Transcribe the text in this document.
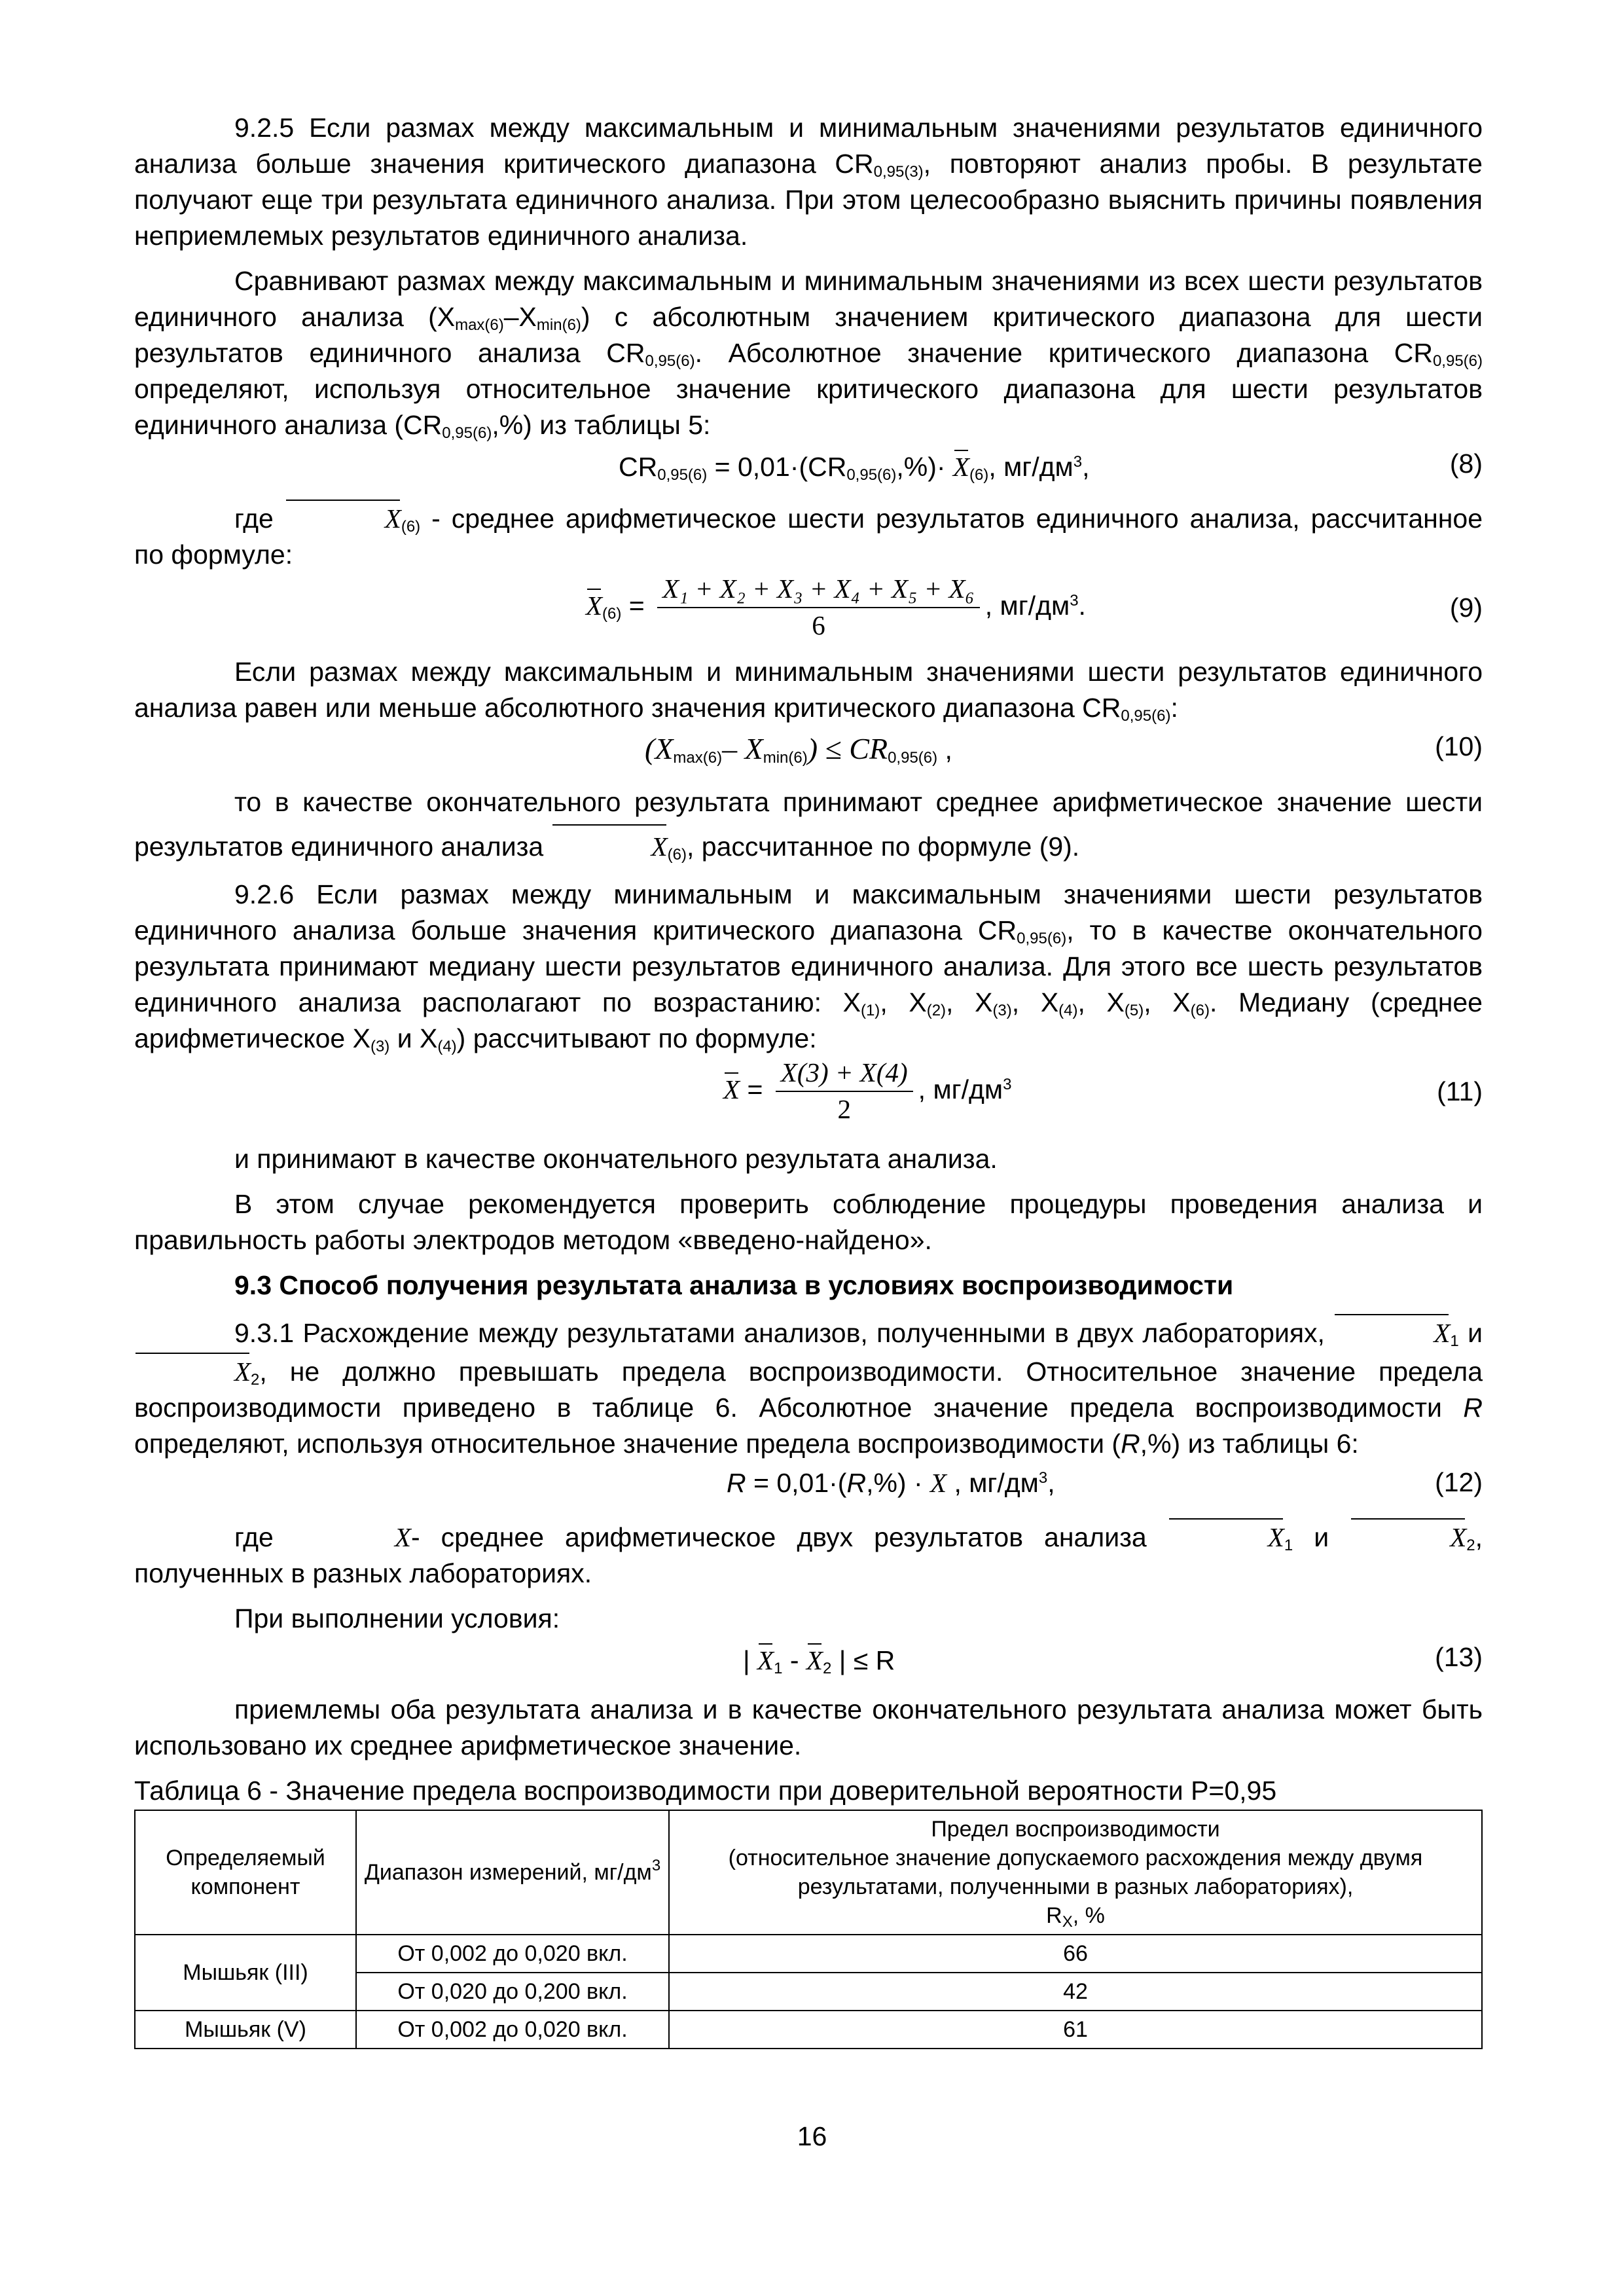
9.2.5 Если размах между максимальным и минимальным значениями результатов единичного анализа больше значения критического диапазона $CR_{0,95(3)}$, повторяют анализ пробы. В результате получают еще три результата единичного анализа. При этом целесообразно выяснить причины появления неприемлемых результатов единичного анализа.

Сравнивают размах между максимальным и минимальным значениями из всех шести результатов единичного анализа $(X_{max(6)}-X_{min(6)})$ с абсолютным значением критического диапазона для шести результатов единичного анализа $CR_{0,95(6)}$. Абсолютное значение критического диапазона $CR_{0,95(6)}$ определяют, используя относительное значение критического диапазона для шести результатов единичного анализа $(CR_{0,95(6)},\%)$ из таблицы 5:

$CR_{0,95(6)} = 0,01\cdot(CR_{0,95(6)},\%)\cdot X_{(6)}$, $мг/дм^3$,	(8)

где	$X_{(6)}$ - среднее арифметическое шести результатов единичного анализа, рассчитанное по формуле:

$X_{(6)} = \frac{\text{X₁ + X₂ + X₃ + X₄ + X₅ + X₆}}{6}$ , $мг/дм^3$.	(9)

Если размах между максимальным и минимальным значениями шести результатов единичного анализа равен или меньше абсолютного значения критического диапазона $CR_{0,95(6)}$:

($X_{max(6)}-$ $X_{min(6)}) \le CR_{0,95(6)}$ ,	(10)

то в качестве окончательного результата принимают среднее арифметическое значение шести результатов единичного анализа	$X_{(6)}$, рассчитанное по формуле (9).

9.2.6 Если размах между минимальным и максимальным значениями шести результатов единичного анализа больше значения критического диапазона $CR_{0,95(6)}$, то в качестве окончательного результата принимают медиану шести результатов единичного анализа. Для этого все шесть результатов единичного анализа располагают по возрастанию: $X_{(1)}$, $X_{(2)}$, $X_{(3)}$, $X_{(4)}$, $X_{(5)}$, $X_{(6)}$. Медиану (среднее арифметическое $X_{(3)}$ и $X_{(4)}$) рассчитывают по формуле:

$X = \frac{X(3) + X(4)}{2}$ , $мг/дм^3$	(11)

и принимают в качестве окончательного результата анализа.

В этом случае рекомендуется проверить соблюдение процедуры проведения анализа и правильность работы электродов методом «введено-найдено».

9.3 Способ получения результата анализа в условиях воспроизводимости

9.3.1 Расхождение между результатами анализов, полученными в двух лабораториях,	$X_1$ и $X_2$, не должно превышать предела воспроизводимости. Относительное значение предела воспроизводимости приведено в таблице 6. Абсолютное значение предела воспроизводимости R определяют, используя относительное значение предела воспроизводимости (R,%) из таблицы 6:

R = 0,01·(R,%) · X , $мг/дм^3$,	(12)

где	X- среднее арифметическое двух результатов анализа	$X_1$ и	$X_2$, полученных в разных лабораториях.

При выполнении условия:

| $X_1 - X_2$ | ≤ R	(13)

приемлемы оба результата анализа и в качестве окончательного результата анализа может быть использовано их среднее арифметическое значение.

Таблица 6 - Значение предела воспроизводимости при доверительной вероятности P=0,95
Определяемый компонент	Диапазон измерений, $мг/дм^3$	Предел воспроизводимости
(относительное значение допускаемого расхождения между двумя результатами, полученными в разных лабораториях),
$R_X$, %

Мышьяк (III)	От 0,002 до 0,020 вкл.	66
	От 0,020 до 0,200 вкл.	42
Мышьяк (V)	От 0,002 до 0,020 вкл.	61
16
